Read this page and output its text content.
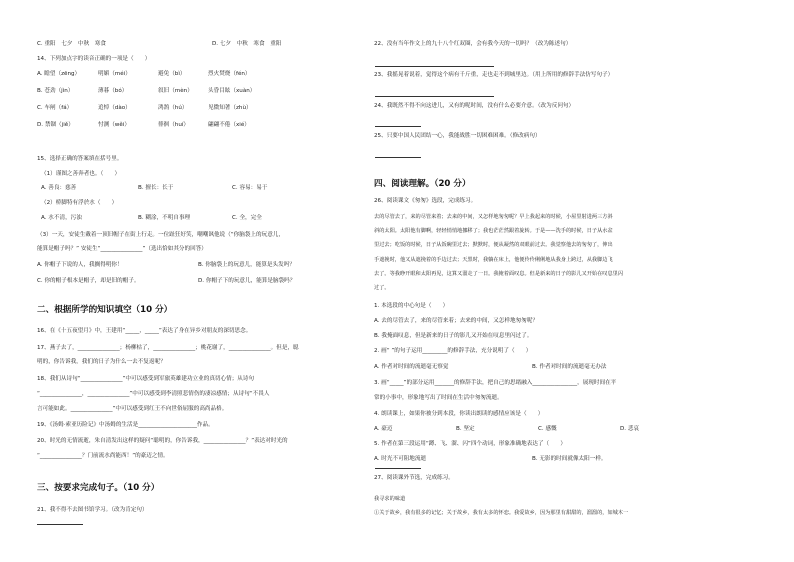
C. 重阳　七夕　中秋　寒食	D. 七夕　中秋　寒食　重阳
14、下列加点字的读音正确的一项是（　　）
A. 瞻望（zēng）	明媚（méi）	避免（bì）	烈火焚烧（fén）
B. 苍劲（jìn）	薄暮（bó）	叙旧（mèn）	头昏目眩（xuàn）
C. 车闸（fá）	追悼（dào）	鸿鹄（hú）	见微知著（zhù）
D. 禁锢（jiě）	忖测（wěi）	徘徊（huí）	翩翩不倦（xié）
15、选择正确的答案填在括号里。
（1）谨图之善奔者也。（　　）
A. 善良：慈善	B. 擅长：长于	C. 容易：易于
（2）桥脚特有浮於水（　　）
A. 水不清，污浊	B. 糊涂，不明自事理	C. 全，完全
（3）一天，安徒生戴着一顶旧帽子在街上行走。一位趾狂好笑，嘲嘲讽他说（“你脑袋上的玩意儿，
能算是帽子吗？” 安徒生“_______________”（选出恰如其分的回答）
A. 你帽子下说的人，我搁得明你！	B. 你脑袋上的玩意儿，能算是头发吗？
C. 你的帽子根本是帽子，却是旧的帽子。	D. 你帽子下的玩意儿，能算是脑袋吗？
二、根据所学的知识填空（10 分）
16、在《十五夜望月》中，王建用“_____，_____”表达了身在异乡对朋友的深切思念。
17、燕子去了，_______________；杨柳枯了，_______________；桃花谢了，_______________。但是，聪
明的，你告诉我，我们的日子为什么一去不复返呢？
18、我们从诗句“_______________”中可以感受到军旅英雄建功立业的真切心情；从诗句
“_______________，_______________”中可以感受到李清照悲情伤的凄凉感情；从诗句“不畏人
言可能如此。_______________”中可以感受到红王不向世俗屈服的高尚品格。
19、《汤姆·索亚历险记》中汤姆的生活是_____________________作品。
20、时光的无情流逝，朱自清发出这样的疑问“聪明的，你告诉我，_______________？”表达对时光的
“_______________？门前流水尚能西！”的豪迈之情。
三、按要求完成句子。（10 分）
21、我不得不去图书馆学习。（改为肯定句）
22、没有当年作文上的九十八个红双圈，会有我今天的一切吗？（改为陈述句）
23、我摇晃着说着，觉得这个病有千斤重，走也走不到城里边。（用上所用的修辞手法仿写句子）
24、我既然不得不向这进儿，又有的呢时间，没有什么必要介意。（改为反问句）
25、只要中国人民团结一心，我能战胜一切困难困难。（修改病句）
四、阅读理解。（20 分）
26、阅读课文《匆匆》选段，完成练习。
去的尽管去了，来的尽管来着；去来的中间，又怎样地匆匆呢？早上我起来的时候，小屋里射进两三方斜
斜的太阳。太阳他有脚啊，轻轻悄悄地挪移了；我也茫茫然跟着旋转。于是——洗手的时候，日子从水盆
里过去；吃饭的时候，日子从饭碗里过去；默默时，便从凝然的双眼前过去。我觉察他去的匆匆了，伸出
手遮挽时，他又从遮挽着的手边过去；天黑时，我躺在床上，他便伶伶俐俐地从我身上跨过，从我脚边飞
去了。等我睁开眼和太阳再见，这算又溜走了一日。我掩着面叹息。但是新来的日子的影儿又开始在叹息里闪
过了。
1. 本选段的中心句是（　　）
A. 去的尽管去了，来的尽管来着；去来的中间，又怎样地匆匆呢？
B. 我掩面叹息，但是新来的日子的影儿又开始在叹息里闪过了。
2. 画“ ”的句子运用_________的修辞手法，充分说明了（　　）
A. 作者对时间的流逝毫无察觉	B. 作者对时间的流逝毫无办法
3. 画“_____”的部分运用_______的修辞手法，把自己的思绪融入________________，展现时间在平
常的小事中，形象地写出了时间在生活中匆匆流逝。
4. 朗读课上，如果你被分到本段，你读出朗读的感情应该是（　　）
A. 豪迈	B. 坚定	C. 感慨	D. 悲哀
5. 作者在第三段运用“蹲、飞、溜、闪”四个动词，形象准确地表达了（　　）
A. 时光不可阻地流逝	B. 无影的时间就像太阳一样。
27、阅读课外节选，完成练习。
我寻求的味道
①关于故乡，我有很多的记忆；关于故乡，我有太多的怀恋。我爱故乡，因为那里有甜甜的，溜溜的，如城木一
